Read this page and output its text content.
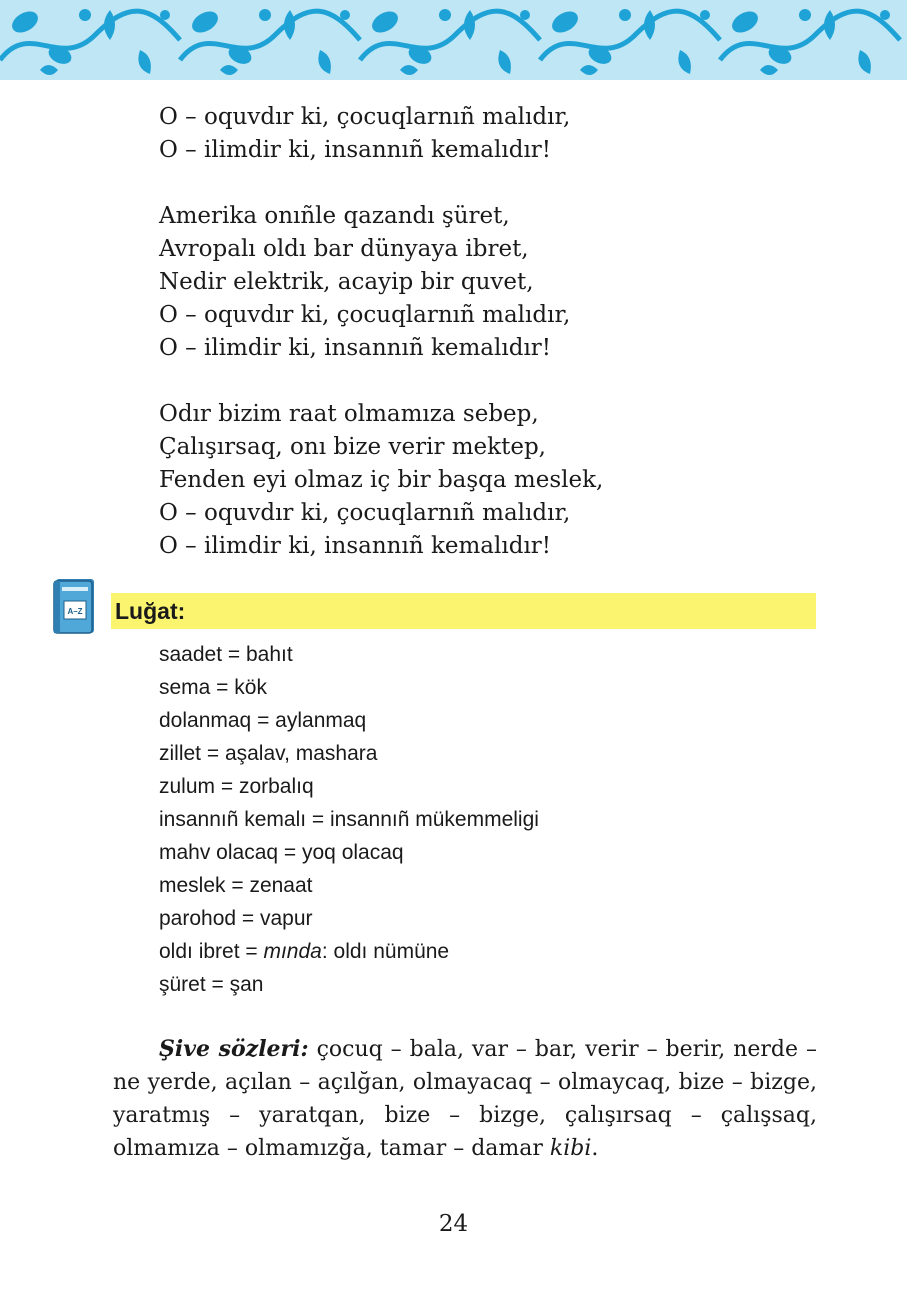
O – oquvdır ki, çocuqlarnıñ malıdır,
O – ilimdir ki, insannıñ kemalıdır!
Amerika onıñle qazandı şüret,
Avropalı oldı bar dünyaya ibret,
Nedir elektrik, acayip bir quvet,
O – oquvdır ki, çocuqlarnıñ malıdır,
O – ilimdir ki, insannıñ kemalıdır!
Odır bizim raat olmamıza sebep,
Çalışırsaq, onı bize verir mektep,
Fenden eyi olmaz iç bir başqa meslek,
O – oquvdır ki, çocuqlarnıñ malıdır,
O – ilimdir ki, insannıñ kemalıdır!
A–Z Luğat:
saadet = bahıt
sema = kök
dolanmaq = aylanmaq
zillet = aşalav, mashara
zulum = zorbalıq
insannıñ kemalı = insannıñ mükemmeligi
mahv olacaq = yoq olacaq
meslek = zenaat
parohod = vapur
oldı ibret = mında: oldı nümüne
şüret = şan

Şive sözleri: çocuq – bala, var – bar, verir – berir, nerde – ne yerde, açılan – açılğan, olmayacaq – olmaycaq, bize – bizge, yaratmış – yaratqan, bize – bizge, çalışırsaq – çalışsaq, olmamıza – olmamızğa, tamar – damar kibi.

24
